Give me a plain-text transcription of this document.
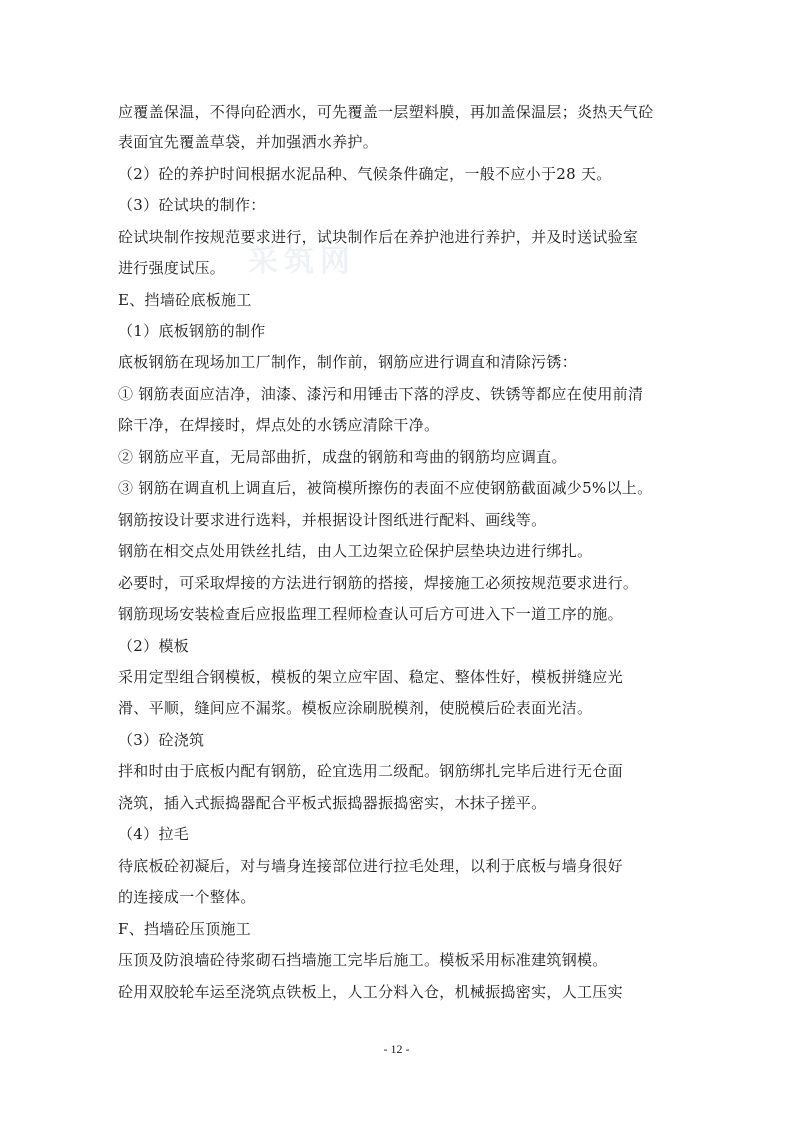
采筑网
应覆盖保温，不得向砼洒水，可先覆盖一层塑料膜，再加盖保温层；炎热天气砼
表面宜先覆盖草袋，并加强洒水养护。
（2）砼的养护时间根据水泥品种、气候条件确定，一般不应小于28 天。
（3）砼试块的制作：
砼试块制作按规范要求进行，试块制作后在养护池进行养护，并及时送试验室
进行强度试压。
E、挡墙砼底板施工
（1）底板钢筋的制作
底板钢筋在现场加工厂制作，制作前，钢筋应进行调直和清除污锈：
① 钢筋表面应洁净，油漆、漆污和用锤击下落的浮皮、铁锈等都应在使用前清
除干净，在焊接时，焊点处的水锈应清除干净。
② 钢筋应平直，无局部曲折，成盘的钢筋和弯曲的钢筋均应调直。
③ 钢筋在调直机上调直后，被筒模所擦伤的表面不应使钢筋截面减少5%以上。
钢筋按设计要求进行选料，并根据设计图纸进行配料、画线等。
钢筋在相交点处用铁丝扎结，由人工边架立砼保护层垫块边进行绑扎。
必要时，可采取焊接的方法进行钢筋的搭接，焊接施工必须按规范要求进行。
钢筋现场安装检查后应报监理工程师检查认可后方可进入下一道工序的施。
（2）模板
采用定型组合钢模板，模板的架立应牢固、稳定、整体性好，模板拼缝应光
滑、平顺，缝间应不漏浆。模板应涂刷脱模剂，使脱模后砼表面光洁。
（3）砼浇筑
拌和时由于底板内配有钢筋，砼宜选用二级配。钢筋绑扎完毕后进行无仓面
浇筑，插入式振捣器配合平板式振捣器振捣密实，木抹子搓平。
（4）拉毛
待底板砼初凝后，对与墙身连接部位进行拉毛处理，以利于底板与墙身很好
的连接成一个整体。
F、挡墙砼压顶施工
压顶及防浪墙砼待浆砌石挡墙施工完毕后施工。模板采用标准建筑钢模。
砼用双胶轮车运至浇筑点铁板上，人工分料入仓，机械振捣密实，人工压实
- 12 -
